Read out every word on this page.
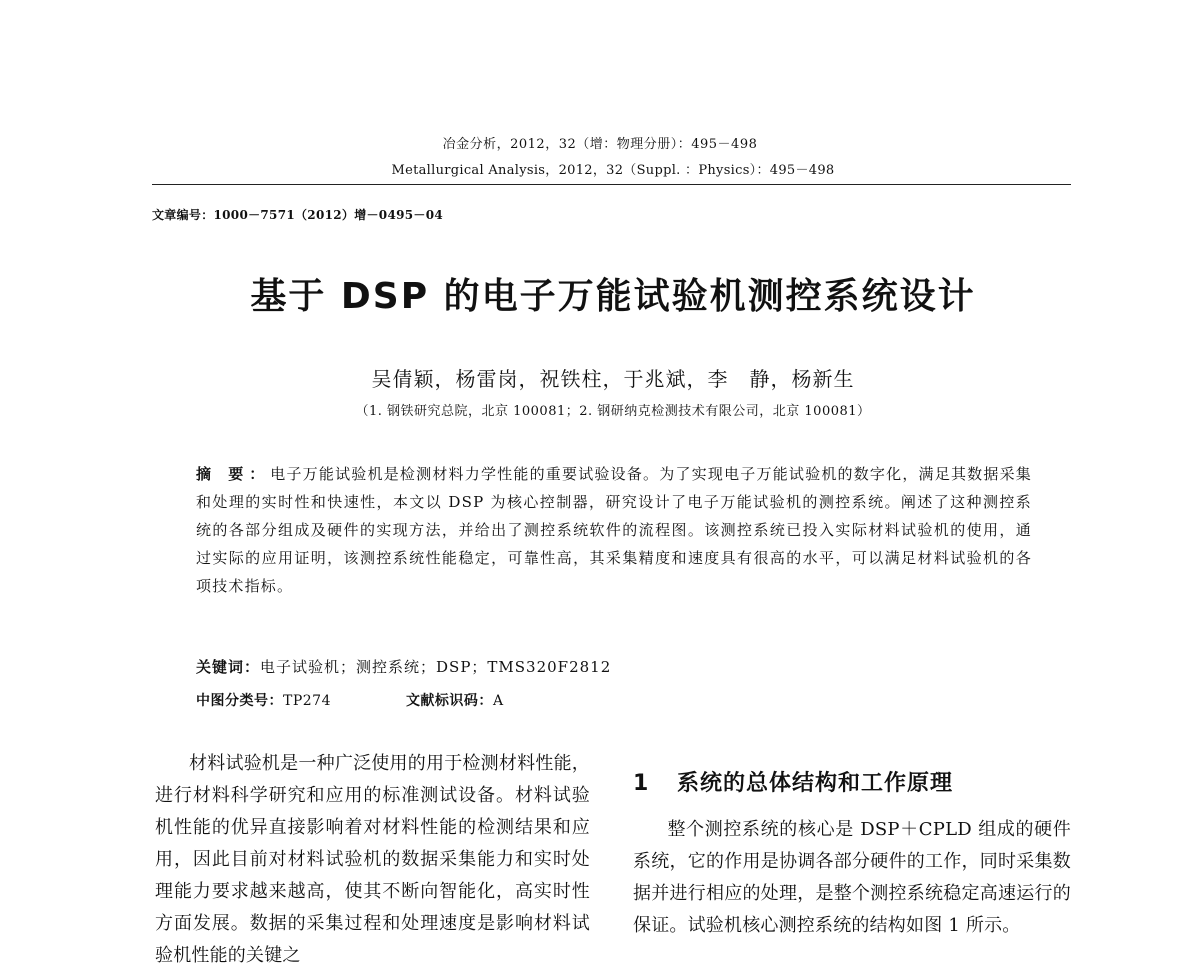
冶金分析，2012，32（增：物理分册）：495－498
Metallurgical Analysis，2012，32（Suppl. ：Physics）：495－498
文章编号：1000－7571（2012）增－0495－04
基于 DSP 的电子万能试验机测控系统设计
吴倩颖，杨雷岗，祝铁柱，于兆斌，李　静，杨新生
（1. 钢铁研究总院，北京 100081；2. 钢研纳克检测技术有限公司，北京 100081）
摘 要：电子万能试验机是检测材料力学性能的重要试验设备。为了实现电子万能试验机的数字化，满足其数据采集和处理的实时性和快速性，本文以 DSP 为核心控制器，研究设计了电子万能试验机的测控系统。阐述了这种测控系统的各部分组成及硬件的实现方法，并给出了测控系统软件的流程图。该测控系统已投入实际材料试验机的使用，通过实际的应用证明，该测控系统性能稳定，可靠性高，其采集精度和速度具有很高的水平，可以满足材料试验机的各项技术指标。
关键词：电子试验机；测控系统；DSP；TMS320F2812
中图分类号：TP274	文献标识码：A
材料试验机是一种广泛使用的用于检测材料性能，进行材料科学研究和应用的标准测试设备。材料试验机性能的优异直接影响着对材料性能的检测结果和应用，因此目前对材料试验机的数据采集能力和实时处理能力要求越来越高，使其不断向智能化，高实时性方面发展。数据的采集过程和处理速度是影响材料试验机性能的关键之
1 系统的总体结构和工作原理
整个测控系统的核心是 DSP＋CPLD 组成的硬件系统，它的作用是协调各部分硬件的工作，同时采集数据并进行相应的处理，是整个测控系统稳定高速运行的保证。试验机核心测控系统的结构如图 1 所示。
